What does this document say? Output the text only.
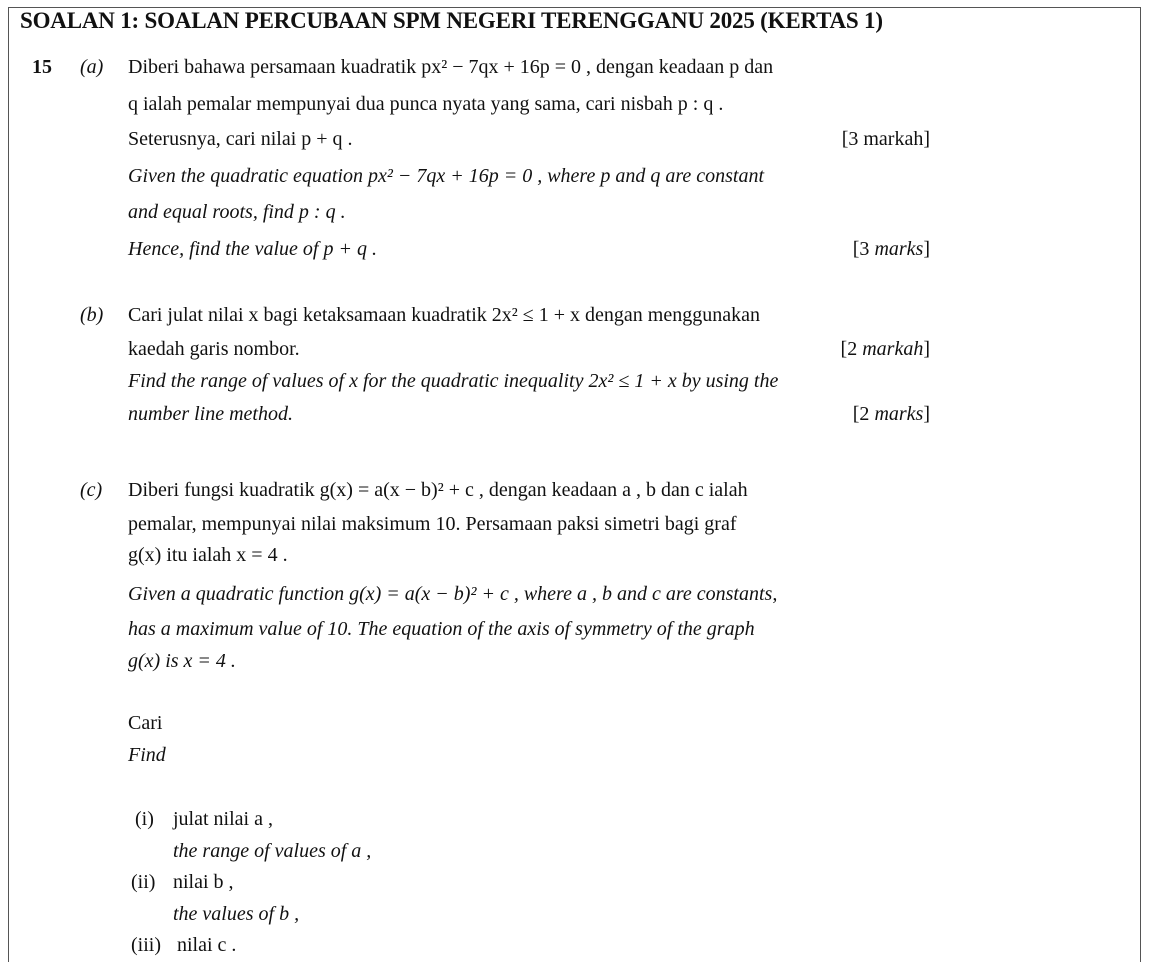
SOALAN 1: SOALAN PERCUBAAN SPM NEGERI TERENGGANU 2025 (KERTAS 1)
15 (a) Diberi bahawa persamaan kuadratik px² − 7qx + 16p = 0 , dengan keadaan p dan
q ialah pemalar mempunyai dua punca nyata yang sama, cari nisbah p : q .
Seterusnya, cari nilai p + q .	[3 markah]
Given the quadratic equation px² − 7qx + 16p = 0 , where p and q are constant
and equal roots, find p : q .
Hence, find the value of p + q .	[3 marks]
(b) Cari julat nilai x bagi ketaksamaan kuadratik 2x² ≤ 1 + x dengan menggunakan
kaedah garis nombor.	[2 markah]
Find the range of values of x for the quadratic inequality 2x² ≤ 1 + x by using the
number line method.	[2 marks]
(c) Diberi fungsi kuadratik g(x) = a(x − b)² + c , dengan keadaan a , b dan c ialah
pemalar, mempunyai nilai maksimum 10. Persamaan paksi simetri bagi graf
g(x) itu ialah x = 4 .
Given a quadratic function g(x) = a(x − b)² + c , where a , b and c are constants,
has a maximum value of 10. The equation of the axis of symmetry of the graph
g(x) is x = 4 .
Cari
Find
(i) julat nilai a ,
the range of values of a ,
(ii) nilai b ,
the values of b ,
(iii) nilai c .
